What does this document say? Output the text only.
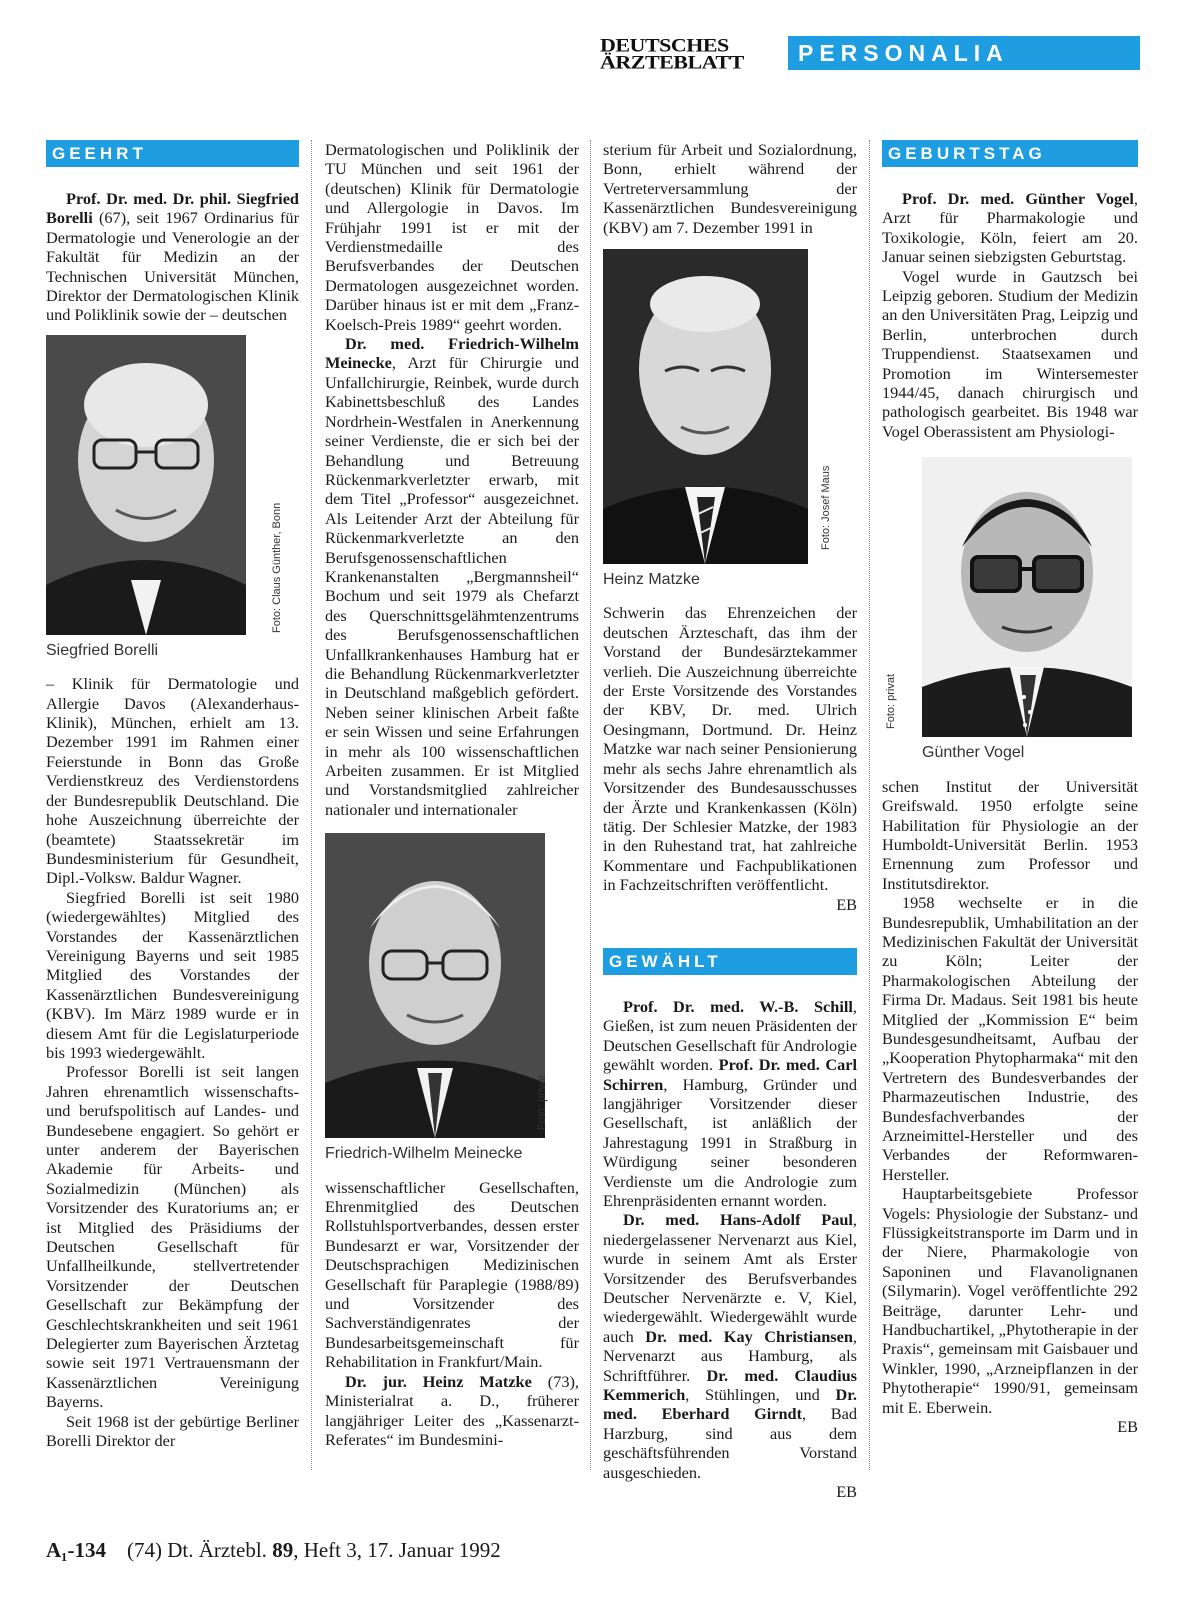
DEUTSCHES
ÄRZTEBLATT	PERSONALIA
GEEHRT

Prof. Dr. med. Dr. phil. Siegfried Borelli (67), seit 1967 Ordinarius für Dermatologie und Venerologie an der Fakultät für Medizin an der Technischen Universität München, Direktor der Dermatologischen Klinik und Poliklinik sowie der – deutschen

Siegfried Borelli
Foto: Claus Günther, Bonn

– Klinik für Dermatologie und Allergie Davos (Alexanderhaus-Klinik), München, erhielt am 13. Dezember 1991 im Rahmen einer Feierstunde in Bonn das Große Verdienstkreuz des Verdienstordens der Bundesrepublik Deutschland. Die hohe Auszeichnung überreichte der (beamtete) Staatssekretär im Bundesministerium für Gesundheit, Dipl.-Volksw. Baldur Wagner.

Siegfried Borelli ist seit 1980 (wiedergewähltes) Mitglied des Vorstandes der Kassenärztlichen Vereinigung Bayerns und seit 1985 Mitglied des Vorstandes der Kassenärztlichen Bundesvereinigung (KBV). Im März 1989 wurde er in diesem Amt für die Legislaturperiode bis 1993 wiedergewählt.

Professor Borelli ist seit langen Jahren ehrenamtlich wissenschafts- und berufspolitisch auf Landes- und Bundesebene engagiert. So gehört er unter anderem der Bayerischen Akademie für Arbeits- und Sozialmedizin (München) als Vorsitzender des Kuratoriums an; er ist Mitglied des Präsidiums der Deutschen Gesellschaft für Unfallheilkunde, stellvertretender Vorsitzender der Deutschen Gesellschaft zur Bekämpfung der Geschlechtskrankheiten und seit 1961 Delegierter zum Bayerischen Ärztetag sowie seit 1971 Vertrauensmann der Kassenärztlichen Vereinigung Bayerns.

Seit 1968 ist der gebürtige Berliner Borelli Direktor der

Dermatologischen und Poliklinik der TU München und seit 1961 der (deutschen) Klinik für Dermatologie und Allergologie in Davos. Im Frühjahr 1991 ist er mit der Verdienstmedaille des Berufsverbandes der Deutschen Dermatologen ausgezeichnet worden. Darüber hinaus ist er mit dem „Franz-Koelsch-Preis 1989“ geehrt worden.

Dr. med. Friedrich-Wilhelm Meinecke, Arzt für Chirurgie und Unfallchirurgie, Reinbek, wurde durch Kabinettsbeschluß des Landes Nordrhein-Westfalen in Anerkennung seiner Verdienste, die er sich bei der Behandlung und Betreuung Rückenmarkverletzter erwarb, mit dem Titel „Professor“ ausgezeichnet. Als Leitender Arzt der Abteilung für Rückenmarkverletzte an den Berufsgenossenschaftlichen Krankenanstalten „Bergmannsheil“ Bochum und seit 1979 als Chefarzt des Querschnittsgelähmtenzentrums des Berufsgenossenschaftlichen Unfallkrankenhauses Hamburg hat er die Behandlung Rückenmarkverletzter in Deutschland maßgeblich gefördert. Neben seiner klinischen Arbeit faßte er sein Wissen und seine Erfahrungen in mehr als 100 wissenschaftlichen Arbeiten zusammen. Er ist Mitglied und Vorstandsmitglied zahlreicher nationaler und internationaler

Friedrich-Wilhelm Meinecke
Foto: privat

wissenschaftlicher Gesellschaften, Ehrenmitglied des Deutschen Rollstuhlsportverbandes, dessen erster Bundesarzt er war, Vorsitzender der Deutschsprachigen Medizinischen Gesellschaft für Paraplegie (1988/89) und Vorsitzender des Sachverständigenrates der Bundesarbeitsgemeinschaft für Rehabilitation in Frankfurt/Main.

Dr. jur. Heinz Matzke (73), Ministerialrat a. D., früherer langjähriger Leiter des „Kassenarzt-Referates“ im Bundesmini-

sterium für Arbeit und Sozialordnung, Bonn, erhielt während der Vertreterversammlung der Kassenärztlichen Bundesvereinigung (KBV) am 7. Dezember 1991 in

Heinz Matzke
Foto: Josef Maus

Schwerin das Ehrenzeichen der deutschen Ärzteschaft, das ihm der Vorstand der Bundesärztekammer verlieh. Die Auszeichnung überreichte der Erste Vorsitzende des Vorstandes der KBV, Dr. med. Ulrich Oesingmann, Dortmund. Dr. Heinz Matzke war nach seiner Pensionierung mehr als sechs Jahre ehrenamtlich als Vorsitzender des Bundesausschusses der Ärzte und Krankenkassen (Köln) tätig. Der Schlesier Matzke, der 1983 in den Ruhestand trat, hat zahlreiche Kommentare und Fachpublikationen in Fachzeitschriften veröffentlicht.

EB
GEWÄHLT

Prof. Dr. med. W.-B. Schill, Gießen, ist zum neuen Präsidenten der Deutschen Gesellschaft für Andrologie gewählt worden. Prof. Dr. med. Carl Schirren, Hamburg, Gründer und langjähriger Vorsitzender dieser Gesellschaft, ist anläßlich der Jahrestagung 1991 in Straßburg in Würdigung seiner besonderen Verdienste um die Andrologie zum Ehrenpräsidenten ernannt worden.

Dr. med. Hans-Adolf Paul, niedergelassener Nervenarzt aus Kiel, wurde in seinem Amt als Erster Vorsitzender des Berufsverbandes Deutscher Nervenärzte e. V, Kiel, wiedergewählt. Wiedergewählt wurde auch Dr. med. Kay Christiansen, Nervenarzt aus Hamburg, als Schriftführer. Dr. med. Claudius Kemmerich, Stühlingen, und Dr. med. Eberhard Girndt, Bad Harzburg, sind aus dem geschäftsführenden Vorstand ausgeschieden.

EB
GEBURTSTAG

Prof. Dr. med. Günther Vogel, Arzt für Pharmakologie und Toxikologie, Köln, feiert am 20. Januar seinen siebzigsten Geburtstag.

Vogel wurde in Gautzsch bei Leipzig geboren. Studium der Medizin an den Universitäten Prag, Leipzig und Berlin, unterbrochen durch Truppendienst. Staatsexamen und Promotion im Wintersemester 1944/45, danach chirurgisch und pathologisch gearbeitet. Bis 1948 war Vogel Oberassistent am Physiologi-

Günther Vogel
Foto: privat

schen Institut der Universität Greifswald. 1950 erfolgte seine Habilitation für Physiologie an der Humboldt-Universität Berlin. 1953 Ernennung zum Professor und Institutsdirektor.

1958 wechselte er in die Bundesrepublik, Umhabilitation an der Medizinischen Fakultät der Universität zu Köln; Leiter der Pharmakologischen Abteilung der Firma Dr. Madaus. Seit 1981 bis heute Mitglied der „Kommission E“ beim Bundesgesundheitsamt, Aufbau der „Kooperation Phytopharmaka“ mit den Vertretern des Bundesverbandes der Pharmazeutischen Industrie, des Bundesfachverbandes der Arzneimittel-Hersteller und des Verbandes der Reformwaren-Hersteller.

Hauptarbeitsgebiete Professor Vogels: Physiologie der Substanz- und Flüssigkeitstransporte im Darm und in der Niere, Pharmakologie von Saponinen und Flavanolignanen (Silymarin). Vogel veröffentlichte 292 Beiträge, darunter Lehr- und Handbuchartikel, „Phytotherapie in der Praxis“, gemeinsam mit Gaisbauer und Winkler, 1990, „Arzneipflanzen in der Phytotherapie“ 1990/91, gemeinsam mit E. Eberwein.

EB
A₁-134 (74) Dt. Ärztebl. 89, Heft 3, 17. Januar 1992
